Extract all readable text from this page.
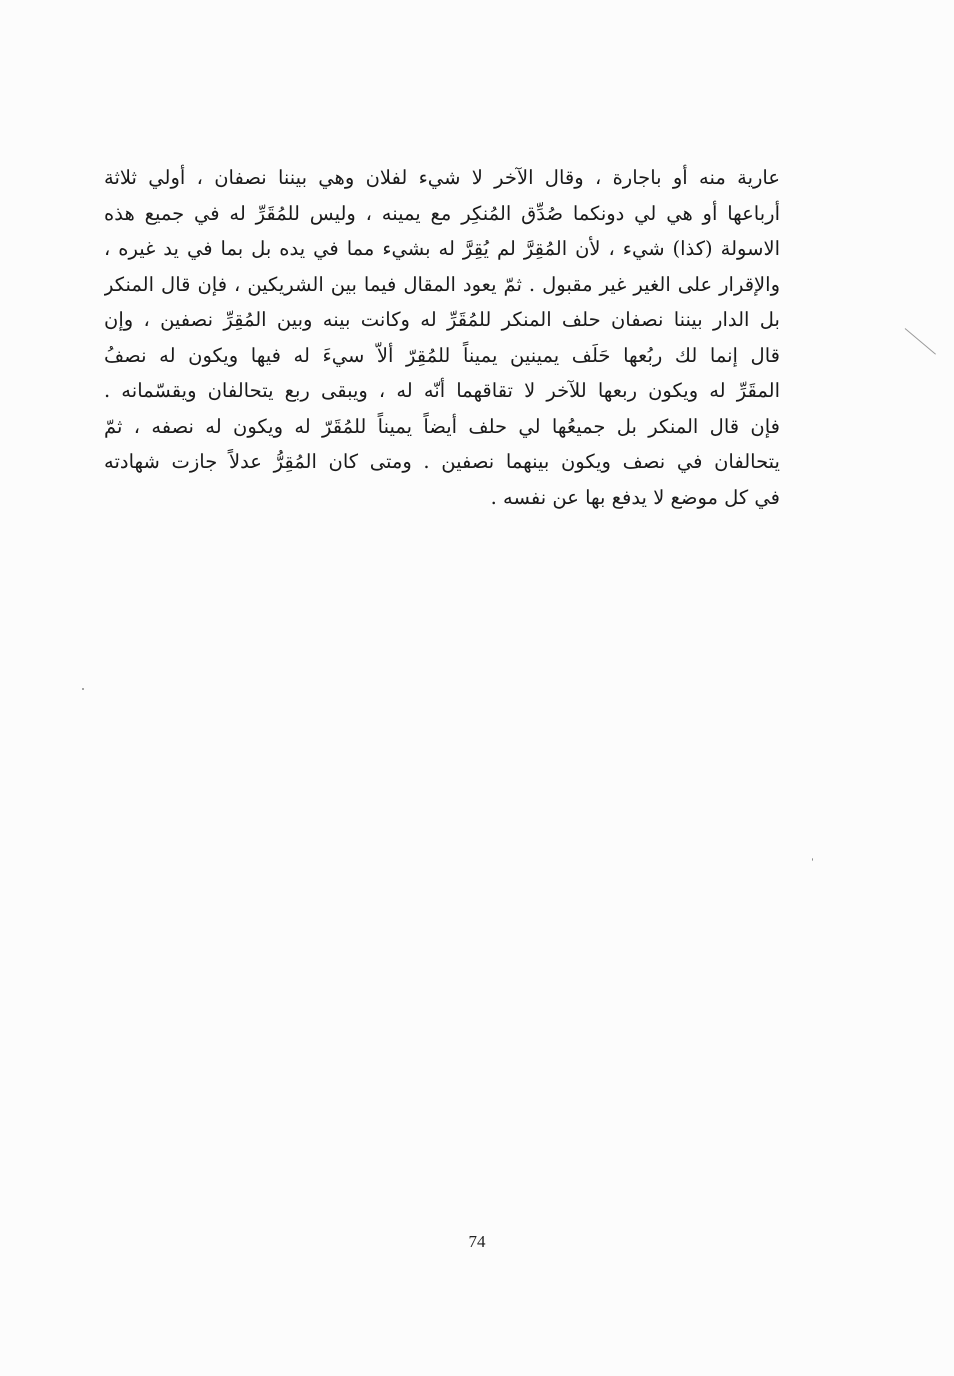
عارية منه أو باجارة ، وقال الآخر لا شيء لفلان وهي بيننا نصفان ، أولي ثلاثة
أرباعها أو هي لي دونكما صُدِّق المُنكِر مع يمينه ، وليس للمُقَرِّ له في جميع هذه
الاسولة (كذا) شيء ، لأن المُقِرَّ لم يُقِرَّ له بشيء مما في يده بل بما في يد غيره ،
والإقرار على الغير غير مقبول . ثمّ يعود المقال فيما بين الشريكين ، فإن قال المنكر
بل الدار بيننا نصفان حلف المنكر للمُقَرِّ له وكانت بينه وبين المُقِرِّ نصفين ، وإن
قال إنما لك ربُعها حَلَف يمينين يميناً للمُقِرّ ألاّ سيءَ له فيها ويكون له نصفُ
المقَرِّ له ويكون ربعها للآخر لا تقاقهما أنّه له ، ويبقى ربع يتحالفان ويقسّمانه .
فإن قال المنكر بل جميعُها لي حلف أيضاً يميناً للمُقَرّ له ويكون له نصفه ، ثمّ
يتحالفان في نصف ويكون بينهما نصفين . ومتى كان المُقِرُّ عدلاً جازت شهادته
في كل موضع لا يدفع بها عن نفسه .
74
